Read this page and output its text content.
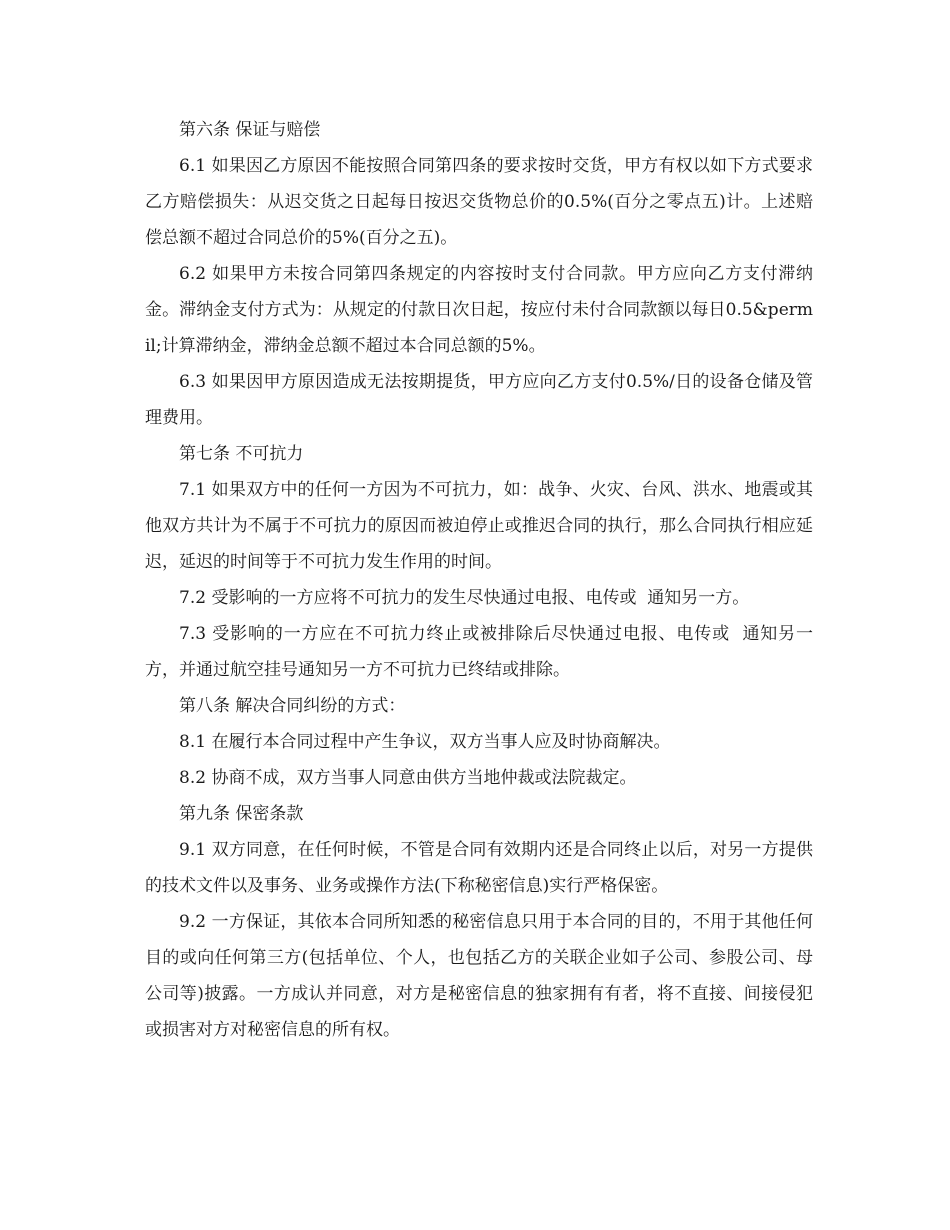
第六条 保证与赔偿

6.1 如果因乙方原因不能按照合同第四条的要求按时交货，甲方有权以如下方式要求乙方赔偿损失：从迟交货之日起每日按迟交货物总价的0.5%(百分之零点五)计。上述赔偿总额不超过合同总价的5%(百分之五)。

6.2 如果甲方未按合同第四条规定的内容按时支付合同款。甲方应向乙方支付滞纳金。滞纳金支付方式为：从规定的付款日次日起，按应付未付合同款额以每日0.5&permil;计算滞纳金，滞纳金总额不超过本合同总额的5%。

6.3 如果因甲方原因造成无法按期提货，甲方应向乙方支付0.5%/日的设备仓储及管理费用。

第七条 不可抗力

7.1 如果双方中的任何一方因为不可抗力，如：战争、火灾、台风、洪水、地震或其他双方共计为不属于不可抗力的原因而被迫停止或推迟合同的执行，那么合同执行相应延迟，延迟的时间等于不可抗力发生作用的时间。

7.2 受影响的一方应将不可抗力的发生尽快通过电报、电传或  通知另一方。

7.3 受影响的一方应在不可抗力终止或被排除后尽快通过电报、电传或  通知另一方，并通过航空挂号通知另一方不可抗力已终结或排除。

第八条 解决合同纠纷的方式：

8.1 在履行本合同过程中产生争议，双方当事人应及时协商解决。

8.2 协商不成，双方当事人同意由供方当地仲裁或法院裁定。

第九条 保密条款

9.1 双方同意，在任何时候，不管是合同有效期内还是合同终止以后，对另一方提供的技术文件以及事务、业务或操作方法(下称秘密信息)实行严格保密。

9.2 一方保证，其依本合同所知悉的秘密信息只用于本合同的目的，不用于其他任何目的或向任何第三方(包括单位、个人，也包括乙方的关联企业如子公司、参股公司、母公司等)披露。一方成认并同意，对方是秘密信息的独家拥有有者，将不直接、间接侵犯或损害对方对秘密信息的所有权。
